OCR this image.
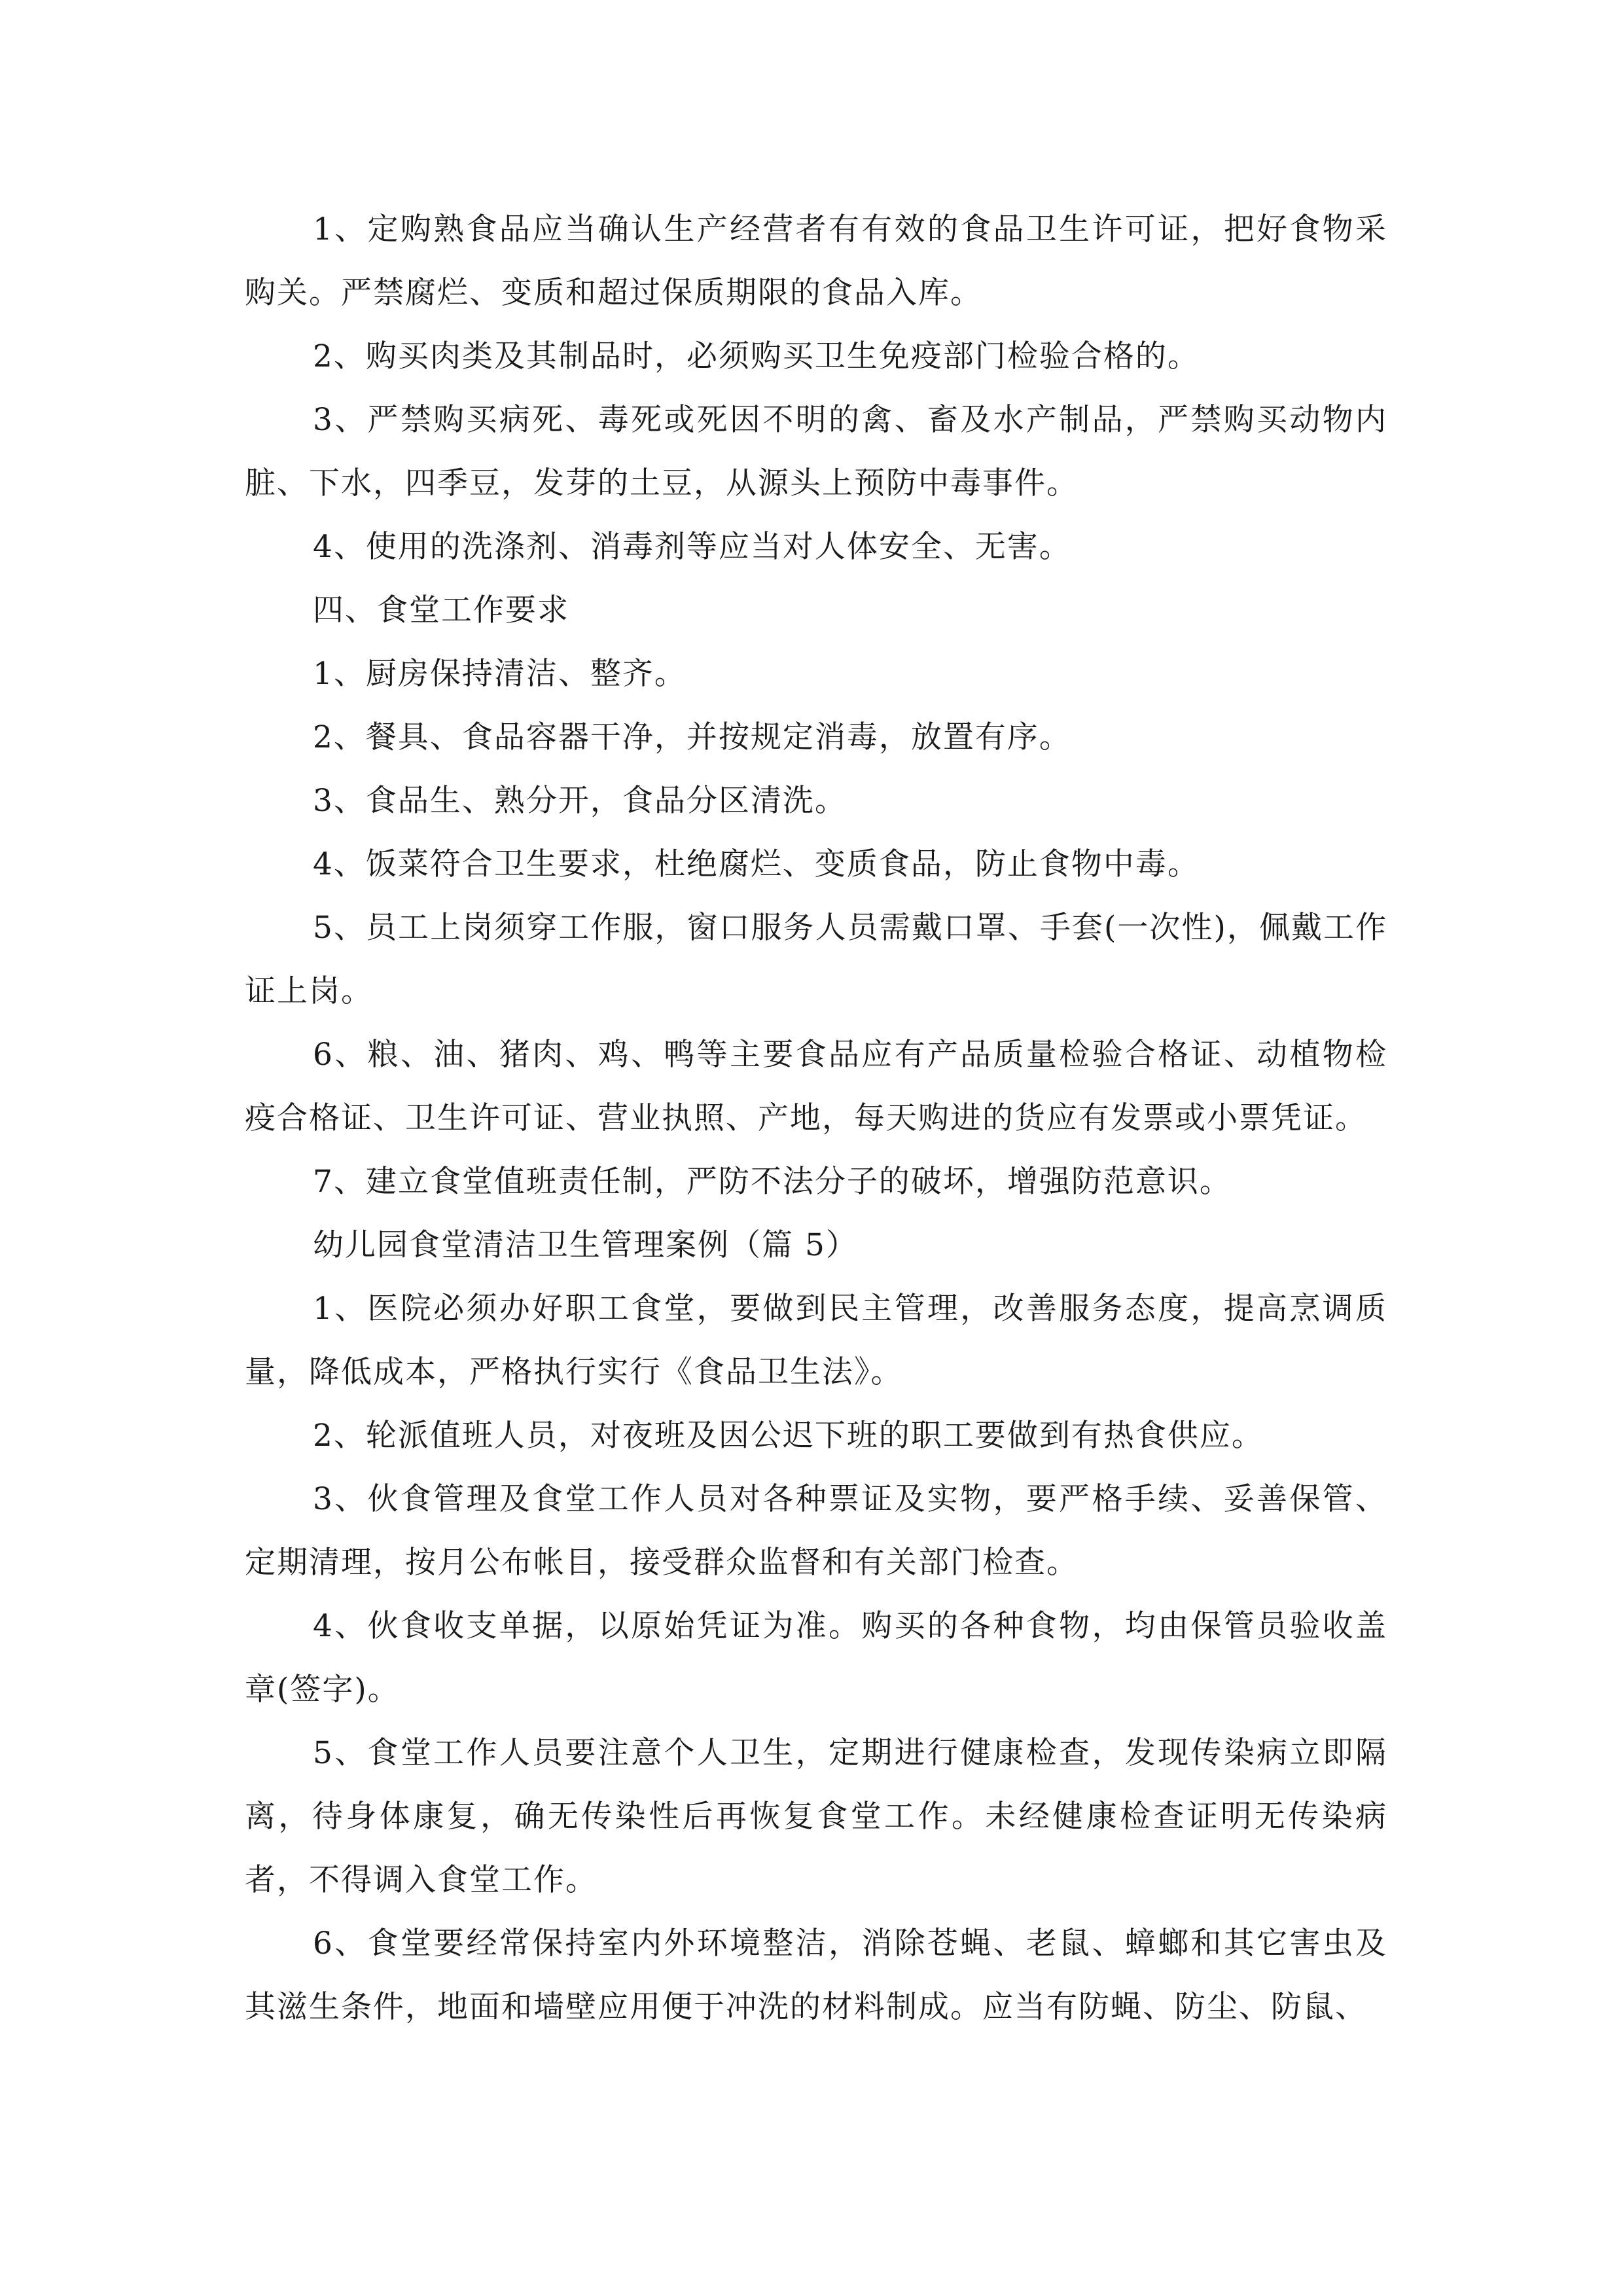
1、定购熟食品应当确认生产经营者有有效的食品卫生许可证，把好食物采购关。严禁腐烂、变质和超过保质期限的食品入库。

2、购买肉类及其制品时，必须购买卫生免疫部门检验合格的。

3、严禁购买病死、毒死或死因不明的禽、畜及水产制品，严禁购买动物内脏、下水，四季豆，发芽的土豆，从源头上预防中毒事件。

4、使用的洗涤剂、消毒剂等应当对人体安全、无害。

四、食堂工作要求

1、厨房保持清洁、整齐。

2、餐具、食品容器干净，并按规定消毒，放置有序。

3、食品生、熟分开，食品分区清洗。

4、饭菜符合卫生要求，杜绝腐烂、变质食品，防止食物中毒。

5、员工上岗须穿工作服，窗口服务人员需戴口罩、手套(一次性)，佩戴工作证上岗。

6、粮、油、猪肉、鸡、鸭等主要食品应有产品质量检验合格证、动植物检疫合格证、卫生许可证、营业执照、产地，每天购进的货应有发票或小票凭证。

7、建立食堂值班责任制，严防不法分子的破坏，增强防范意识。

幼儿园食堂清洁卫生管理案例（篇 5）

1、医院必须办好职工食堂，要做到民主管理，改善服务态度，提高烹调质量，降低成本，严格执行实行《食品卫生法》。

2、轮派值班人员，对夜班及因公迟下班的职工要做到有热食供应。

3、伙食管理及食堂工作人员对各种票证及实物，要严格手续、妥善保管、定期清理，按月公布帐目，接受群众监督和有关部门检查。

4、伙食收支单据，以原始凭证为准。购买的各种食物，均由保管员验收盖章(签字)。

5、食堂工作人员要注意个人卫生，定期进行健康检查，发现传染病立即隔离，待身体康复，确无传染性后再恢复食堂工作。未经健康检查证明无传染病者，不得调入食堂工作。

6、食堂要经常保持室内外环境整洁，消除苍蝇、老鼠、蟑螂和其它害虫及其滋生条件，地面和墙壁应用便于冲洗的材料制成。应当有防蝇、防尘、防鼠、
